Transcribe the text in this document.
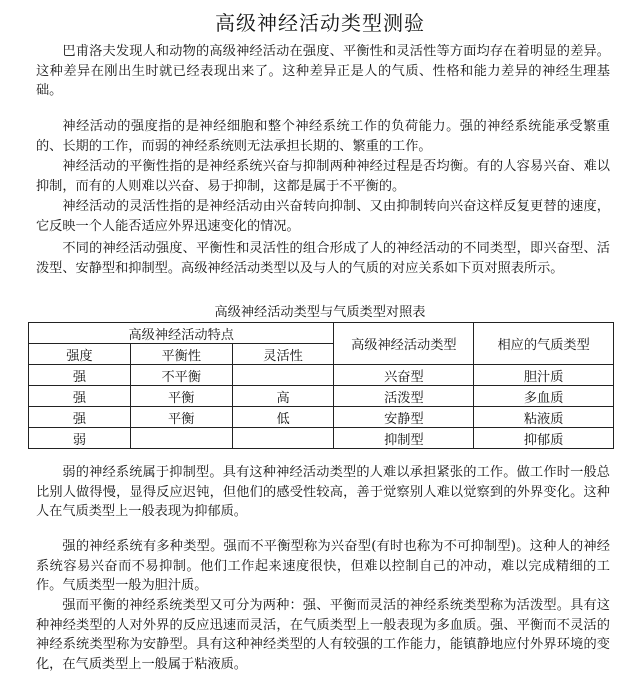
高级神经活动类型测验

巴甫洛夫发现人和动物的高级神经活动在强度、平衡性和灵活性等方面均存在着明显的差异。这种差异在刚出生时就已经表现出来了。这种差异正是人的气质、性格和能力差异的神经生理基础。

神经活动的强度指的是神经细胞和整个神经系统工作的负荷能力。强的神经系统能承受繁重的、长期的工作，而弱的神经系统则无法承担长期的、繁重的工作。

神经活动的平衡性指的是神经系统兴奋与抑制两种神经过程是否均衡。有的人容易兴奋、难以抑制，而有的人则难以兴奋、易于抑制，这都是属于不平衡的。

神经活动的灵活性指的是神经活动由兴奋转向抑制、又由抑制转向兴奋这样反复更替的速度，它反映一个人能否适应外界迅速变化的情况。

不同的神经活动强度、平衡性和灵活性的组合形成了人的神经活动的不同类型，即兴奋型、活泼型、安静型和抑制型。高级神经活动类型以及与人的气质的对应关系如下页对照表所示。

高级神经活动类型与气质类型对照表
高级神经活动特点			高级神经活动类型	相应的气质类型
强度	平衡性	灵活性		
强	不平衡		兴奋型	胆汁质
强	平衡	高	活泼型	多血质
强	平衡	低	安静型	粘液质
弱			抑制型	抑郁质

弱的神经系统属于抑制型。具有这种神经活动类型的人难以承担紧张的工作。做工作时一般总比别人做得慢，显得反应迟钝，但他们的感受性较高，善于觉察别人难以觉察到的外界变化。这种人在气质类型上一般表现为抑郁质。

强的神经系统有多种类型。强而不平衡型称为兴奋型(有时也称为不可抑制型)。这种人的神经系统容易兴奋而不易抑制。他们工作起来速度很快，但难以控制自己的冲动，难以完成精细的工作。气质类型一般为胆汁质。

强而平衡的神经系统类型又可分为两种：强、平衡而灵活的神经系统类型称为活泼型。具有这种神经类型的人对外界的反应迅速而灵活，在气质类型上一般表现为多血质。强、平衡而不灵活的神经系统类型称为安静型。具有这种神经类型的人有较强的工作能力，能镇静地应付外界环境的变化，在气质类型上一般属于粘液质。
